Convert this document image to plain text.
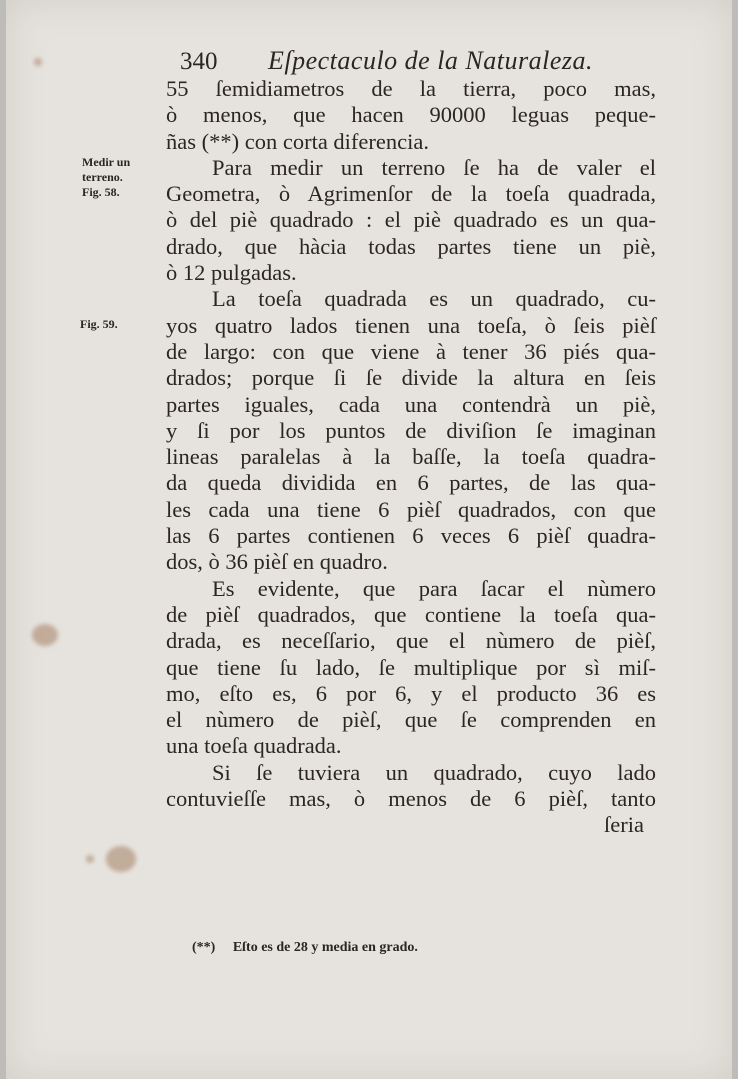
340 Eſpectaculo de la Naturaleza.
Medir un
terreno.
Fig. 58.
Fig. 59.
55 ſemidiametros de la tierra, poco mas,
ò menos, que hacen 90000 leguas peque-
ñas (**) con corta diferencia.
Para medir un terreno ſe ha de valer el
Geometra, ò Agrimenſor de la toeſa quadrada,
ò del piè quadrado : el piè quadrado es un qua-
drado, que hàcia todas partes tiene un piè,
ò 12 pulgadas.
La toeſa quadrada es un quadrado, cu-
yos quatro lados tienen una toeſa, ò ſeis pièſ
de largo: con que viene à tener 36 piés qua-
drados; porque ſi ſe divide la altura en ſeis
partes iguales, cada una contendrà un piè,
y ſi por los puntos de diviſion ſe imaginan
lineas paralelas à la baſſe, la toeſa quadra-
da queda dividida en 6 partes, de las qua-
les cada una tiene 6 pièſ quadrados, con que
las 6 partes contienen 6 veces 6 pièſ quadra-
dos, ò 36 pièſ en quadro.
Es evidente, que para ſacar el nùmero
de pièſ quadrados, que contiene la toeſa qua-
drada, es neceſſario, que el nùmero de pièſ,
que tiene ſu lado, ſe multiplique por sì miſ-
mo, eſto es, 6 por 6, y el producto 36 es
el nùmero de pièſ, que ſe comprenden en
una toeſa quadrada.
Si ſe tuviera un quadrado, cuyo lado
contuvieſſe mas, ò menos de 6 pièſ, tanto
ſeria
(**) Eſto es de 28 y media en grado.
